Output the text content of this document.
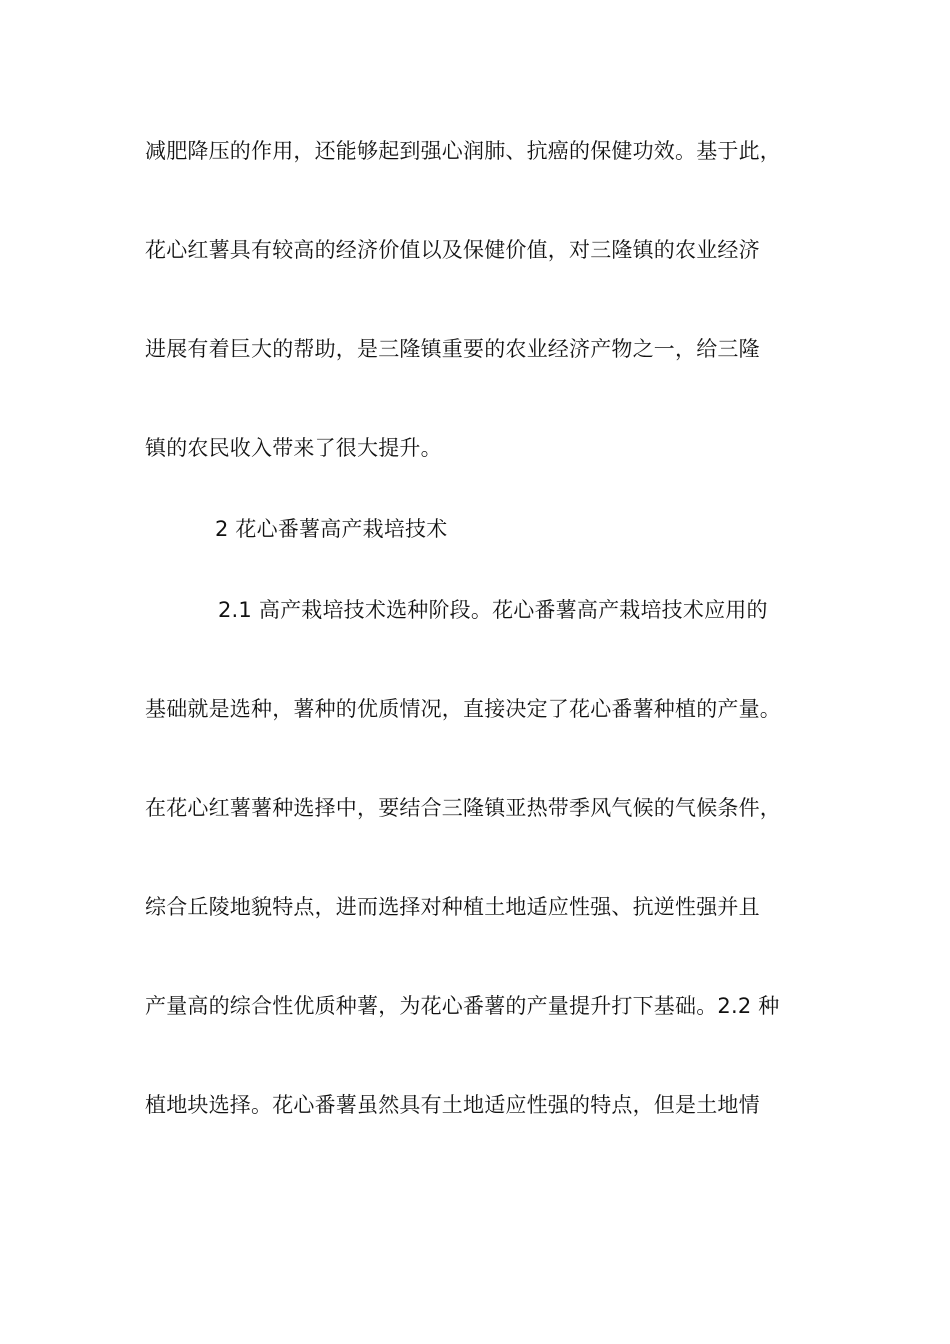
减肥降压的作用，还能够起到强心润肺、抗癌的保健功效。基于此，
花心红薯具有较高的经济价值以及保健价值，对三隆镇的农业经济
进展有着巨大的帮助，是三隆镇重要的农业经济产物之一，给三隆
镇的农民收入带来了很大提升。
2 花心番薯高产栽培技术
2.1 高产栽培技术选种阶段。花心番薯高产栽培技术应用的
基础就是选种，薯种的优质情况，直接决定了花心番薯种植的产量。
在花心红薯薯种选择中，要结合三隆镇亚热带季风气候的气候条件，
综合丘陵地貌特点，进而选择对种植土地适应性强、抗逆性强并且
产量高的综合性优质种薯，为花心番薯的产量提升打下基础。2.2 种
植地块选择。花心番薯虽然具有土地适应性强的特点，但是土地情
